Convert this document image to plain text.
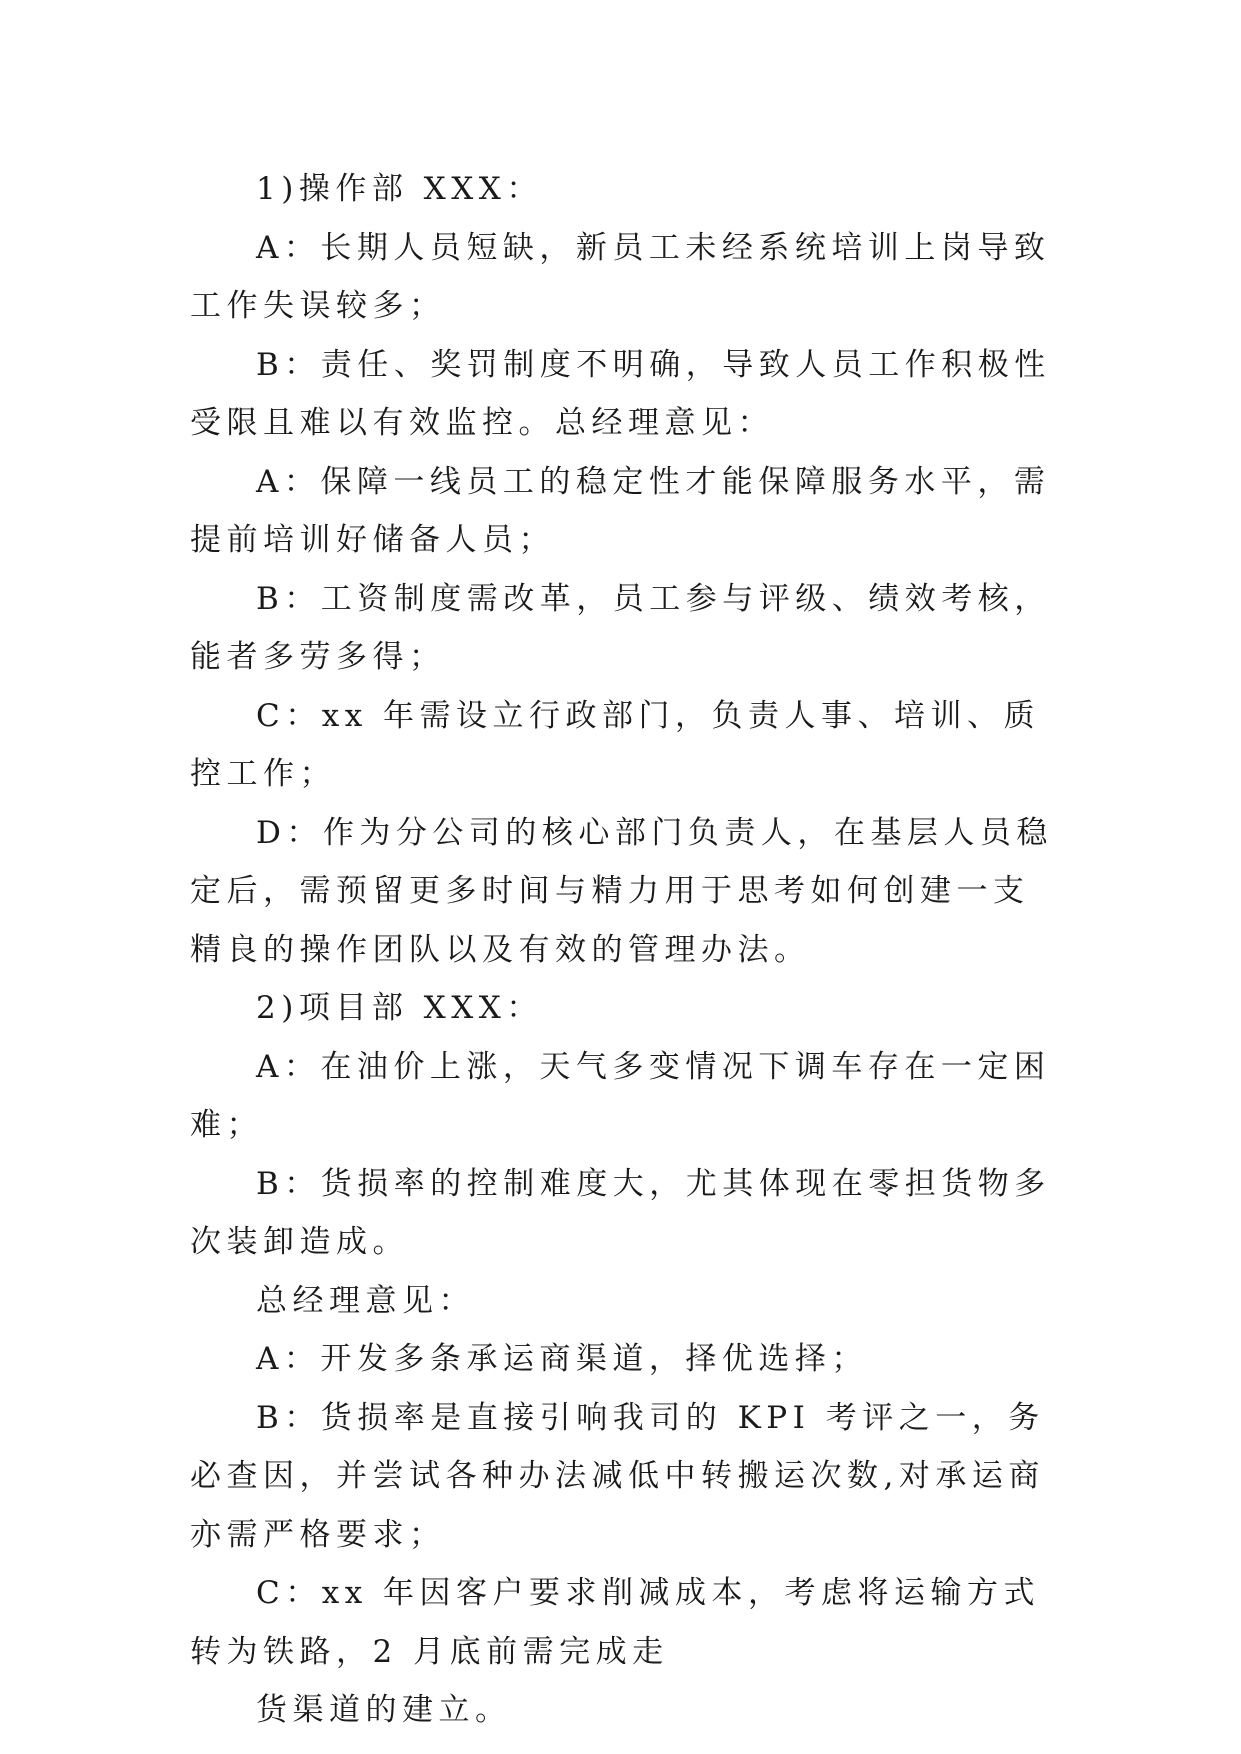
1)操作部 XXX：

A：长期人员短缺，新员工未经系统培训上岗导致工作失误较多；

B：责任、奖罚制度不明确，导致人员工作积极性受限且难以有效监控。总经理意见：

A：保障一线员工的稳定性才能保障服务水平，需提前培训好储备人员；

B：工资制度需改革，员工参与评级、绩效考核，能者多劳多得；

C：xx 年需设立行政部门，负责人事、培训、质控工作；

D：作为分公司的核心部门负责人，在基层人员稳定后，需预留更多时间与精力用于思考如何创建一支精良的操作团队以及有效的管理办法。

2)项目部 XXX：

A：在油价上涨，天气多变情况下调车存在一定困难；

B：货损率的控制难度大，尤其体现在零担货物多次装卸造成。

总经理意见：

A：开发多条承运商渠道，择优选择；

B：货损率是直接引响我司的 KPI 考评之一，务必查因，并尝试各种办法减低中转搬运次数,对承运商亦需严格要求；

C：xx 年因客户要求削减成本，考虑将运输方式转为铁路，2 月底前需完成走

货渠道的建立。
